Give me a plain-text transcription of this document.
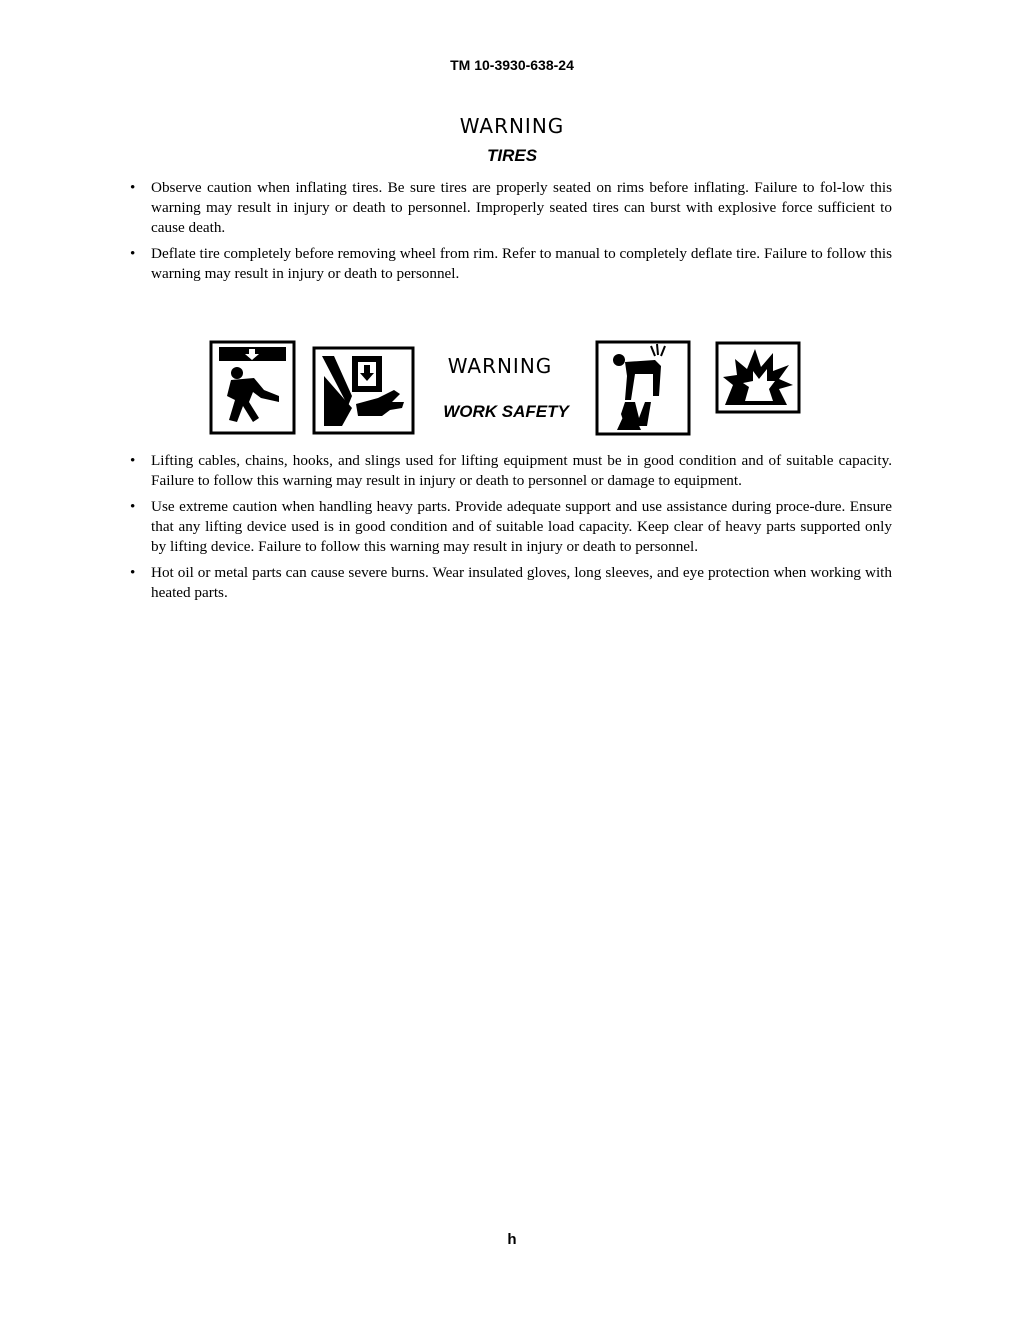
TM 10-3930-638-24
WARNING
TIRES
• Observe caution when inflating tires. Be sure tires are properly seated on rims before inflating. Failure to fol-low this warning may result in injury or death to personnel. Improperly seated tires can burst with explosive force sufficient to cause death.
• Deflate tire completely before removing wheel from rim. Refer to manual to completely deflate tire. Failure to follow this warning may result in injury or death to personnel.
WARNING
WORK SAFETY
• Lifting cables, chains, hooks, and slings used for lifting equipment must be in good condition and of suitable capacity. Failure to follow this warning may result in injury or death to personnel or damage to equipment.
• Use extreme caution when handling heavy parts. Provide adequate support and use assistance during proce-dure. Ensure that any lifting device used is in good condition and of suitable load capacity. Keep clear of heavy parts supported only by lifting device. Failure to follow this warning may result in injury or death to personnel.
• Hot oil or metal parts can cause severe burns. Wear insulated gloves, long sleeves, and eye protection when working with heated parts.
h
